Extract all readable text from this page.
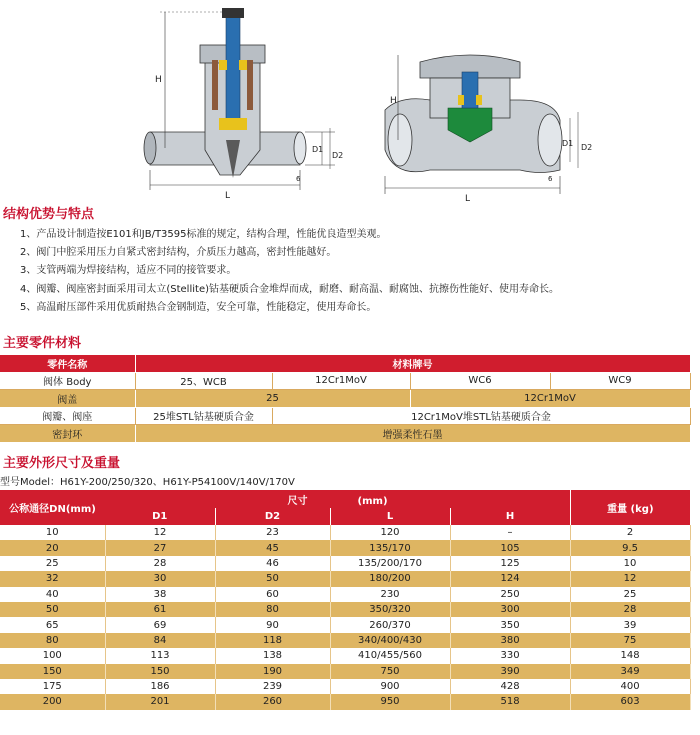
H
L
D1
D2
6
H
L
D1 D2
6
结构优势与特点
1、产品设计制造按E101和JB/T3595标准的规定，结构合理，性能优良造型美观。
2、阀门中腔采用压力自紧式密封结构，介质压力越高，密封性能越好。
3、支管两端为焊接结构，适应不同的接管要求。
4、阀瓣、阀座密封面采用司太立(Stellite)钴基硬质合金堆焊而成，耐磨、耐高温、耐腐蚀、抗擦伤性能好、使用寿命长。
5、高温耐压部件采用优质耐热合金钢制造，安全可靠，性能稳定，使用寿命长。
主要零件材料
零件名称	材料牌号			
阀体 Body	25、WCB	12Cr1MoV	WC6	WC9
阀盖	25		12Cr1MoV	
阀瓣、阀座	25堆STL钴基硬质合金	12Cr1MoV堆STL钴基硬质合金		
密封环	增强柔性石墨			
主要外形尺寸及重量

型号Model：H61Y-200/250/320、H61Y-P54100V/140V/170V

公称通径DN(mm)	尺寸　　　　　(mm)				重量 (kg)
	D1	D2	L	H	
10	12	23	120	–	2
20	27	45	135/170	105	9.5
25	28	46	135/200/170	125	10
32	30	50	180/200	124	12
40	38	60	230	250	25
50	61	80	350/320	300	28
65	69	90	260/370	350	39
80	84	118	340/400/430	380	75
100	113	138	410/455/560	330	148
150	150	190	750	390	349
175	186	239	900	428	400
200	201	260	950	518	603
